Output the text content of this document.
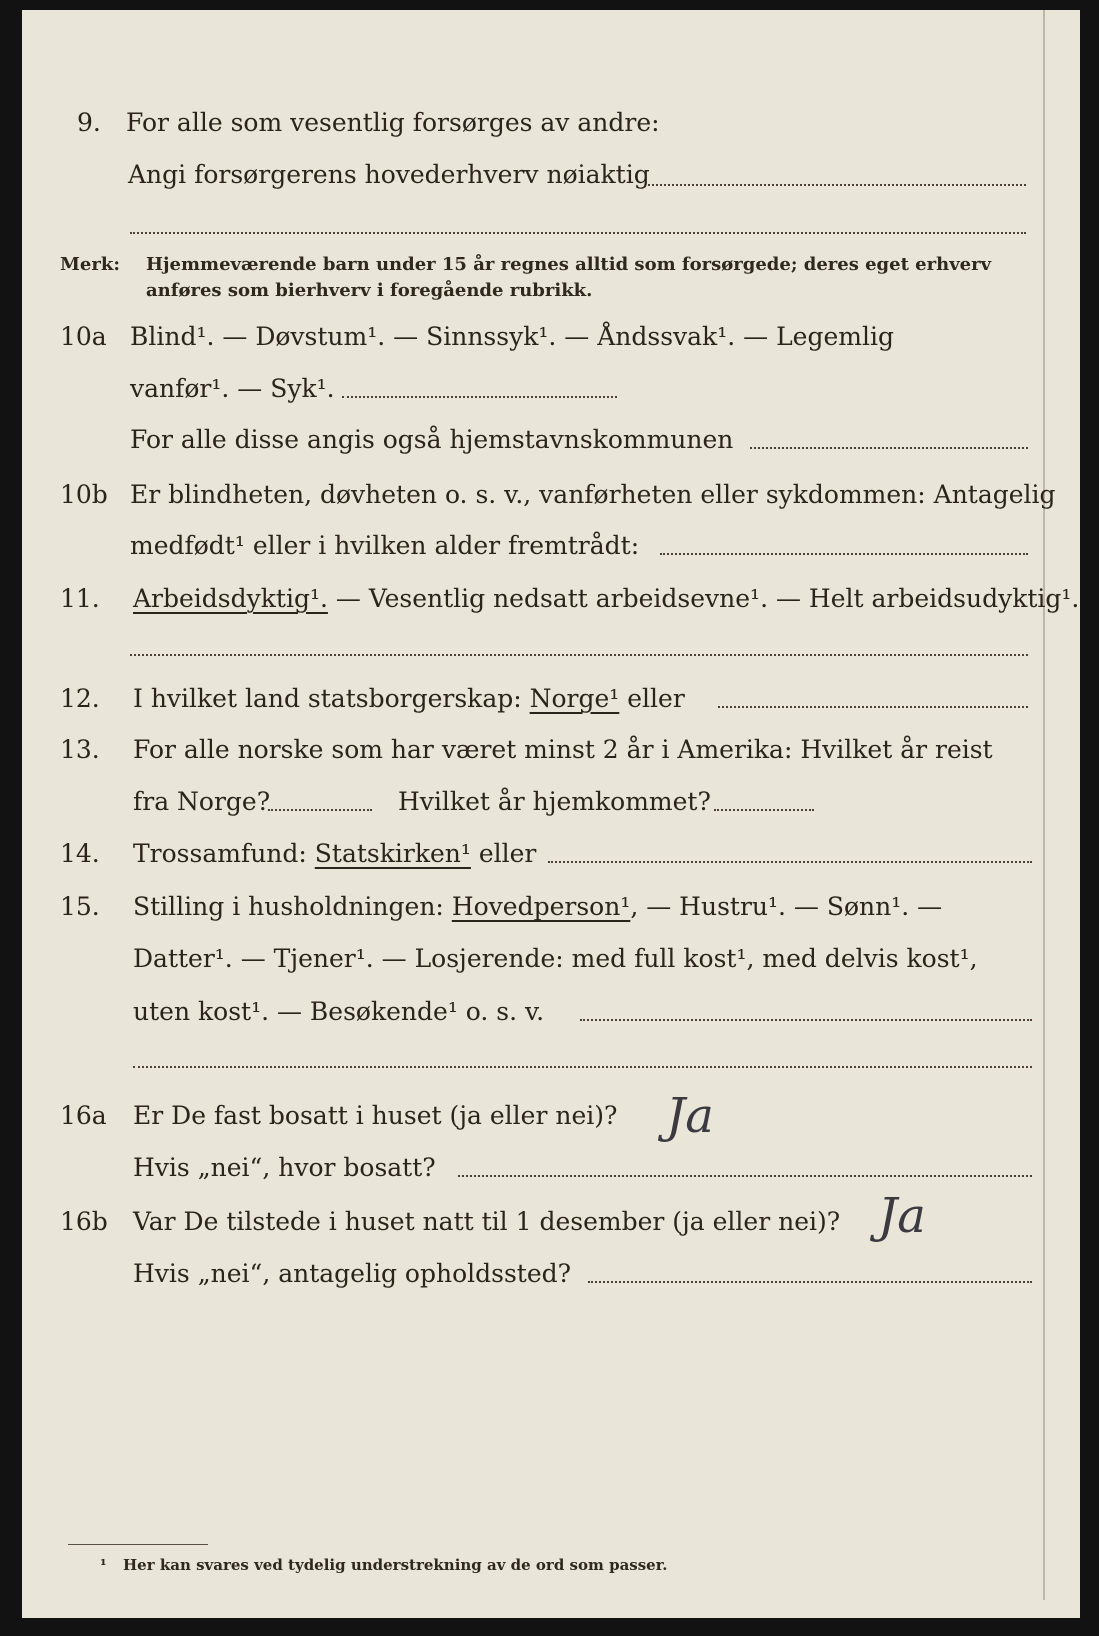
9. For alle som vesentlig forsørges av andre:
Angi forsørgerens hovederhverv nøiaktig
Merk: Hjemmeværende barn under 15 år regnes alltid som forsørgede; deres eget erhverv
anføres som bierhverv i foregående rubrikk.
10a Blind¹. — Døvstum¹. — Sinnssyk¹. — Åndssvak¹. — Legemlig
vanfør¹. — Syk¹.
For alle disse angis også hjemstavnskommunen
10b Er blindheten, døvheten o. s. v., vanførheten eller sykdommen: Antagelig
medfødt¹ eller i hvilken alder fremtrådt:
11. Arbeidsdyktig¹. — Vesentlig nedsatt arbeidsevne¹. — Helt arbeidsudyktig¹.
12. I hvilket land statsborgerskap: Norge¹ eller
13. For alle norske som har været minst 2 år i Amerika: Hvilket år reist
fra Norge?	Hvilket år hjemkommet?
14. Trossamfund: Statskirken¹ eller
15. Stilling i husholdningen: Hovedperson¹, — Hustru¹. — Sønn¹. —
Datter¹. — Tjener¹. — Losjerende: med full kost¹, med delvis kost¹,
uten kost¹. — Besøkende¹ o. s. v.
16a Er De fast bosatt i huset (ja eller nei)? Ja
Hvis „nei“, hvor bosatt?
16b Var De tilstede i huset natt til 1 desember (ja eller nei)? Ja
Hvis „nei“, antagelig opholdssted?
¹ Her kan svares ved tydelig understrekning av de ord som passer.
